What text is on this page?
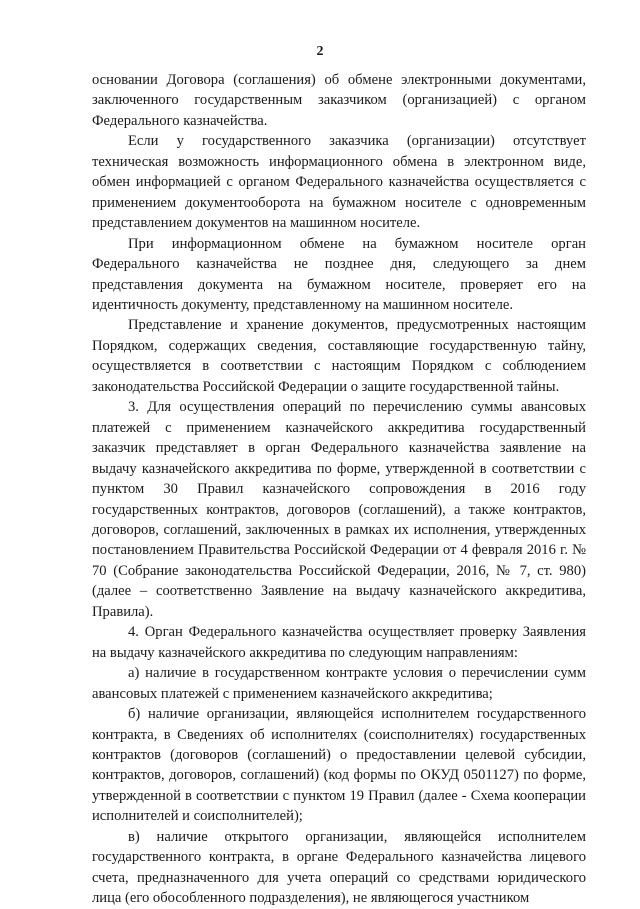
2

основании Договора (соглашения) об обмене электронными документами, заключенного государственным заказчиком (организацией) с органом Федерального казначейства.

Если у государственного заказчика (организации) отсутствует техническая возможность информационного обмена в электронном виде, обмен информацией с органом Федерального казначейства осуществляется с применением документооборота на бумажном носителе с одновременным представлением документов на машинном носителе.

При информационном обмене на бумажном носителе орган Федерального казначейства не позднее дня, следующего за днем представления документа на бумажном носителе, проверяет его на идентичность документу, представленному на машинном носителе.

Представление и хранение документов, предусмотренных настоящим Порядком, содержащих сведения, составляющие государственную тайну, осуществляется в соответствии с настоящим Порядком с соблюдением законодательства Российской Федерации о защите государственной тайны.

3. Для осуществления операций по перечислению суммы авансовых платежей с применением казначейского аккредитива государственный заказчик представляет в орган Федерального казначейства заявление на выдачу казначейского аккредитива по форме, утвержденной в соответствии с пунктом 30 Правил казначейского сопровождения в 2016 году государственных контрактов, договоров (соглашений), а также контрактов, договоров, соглашений, заключенных в рамках их исполнения, утвержденных постановлением Правительства Российской Федерации от 4 февраля 2016 г. № 70 (Собрание законодательства Российской Федерации, 2016, № 7, ст. 980) (далее – соответственно Заявление на выдачу казначейского аккредитива, Правила).

4. Орган Федерального казначейства осуществляет проверку Заявления на выдачу казначейского аккредитива по следующим направлениям:

а) наличие в государственном контракте условия о перечислении сумм авансовых платежей с применением казначейского аккредитива;

б) наличие организации, являющейся исполнителем государственного контракта, в Сведениях об исполнителях (соисполнителях) государственных контрактов (договоров (соглашений) о предоставлении целевой субсидии, контрактов, договоров, соглашений) (код формы по ОКУД 0501127) по форме, утвержденной в соответствии с пунктом 19 Правил (далее - Схема кооперации исполнителей и соисполнителей);

в) наличие открытого организации, являющейся исполнителем государственного контракта, в органе Федерального казначейства лицевого счета, предназначенного для учета операций со средствами юридического лица (его обособленного подразделения), не являющегося участником
